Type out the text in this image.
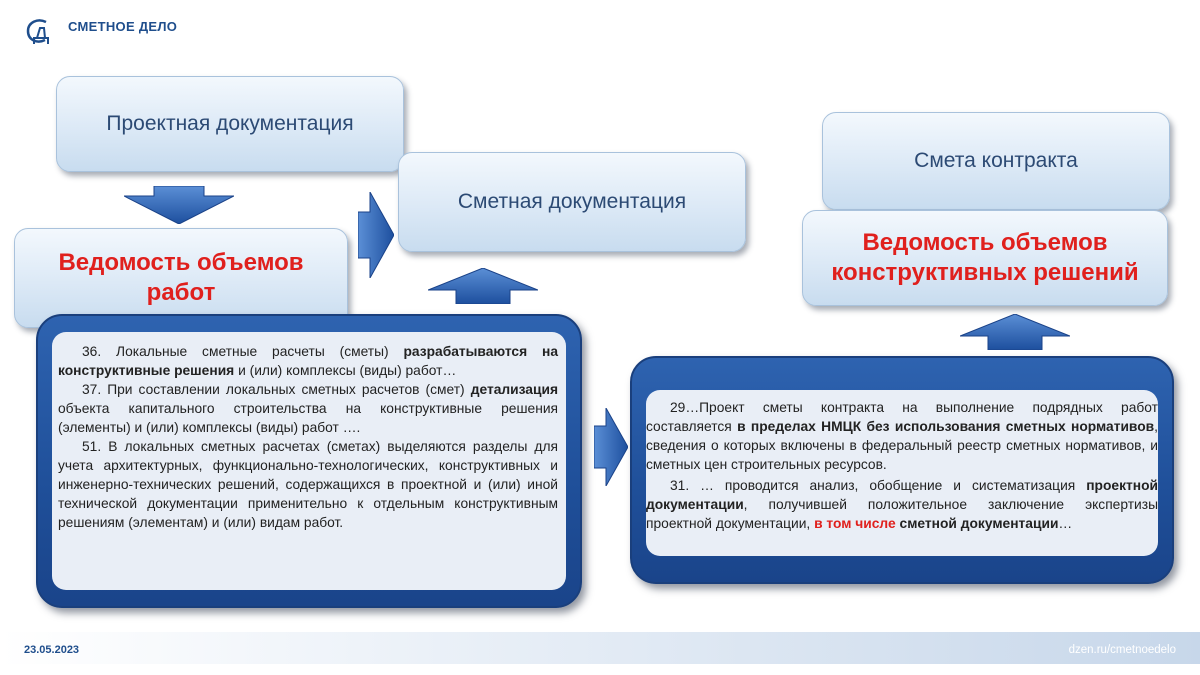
СМЕТНОЕ ДЕЛО
Проектная документация
Ведомость объемов
работ
Сметная документация

36. Локальные сметные расчеты (сметы) разрабатываются на конструктивные решения и (или) комплексы (виды) работ…

37. При составлении локальных сметных расчетов (смет) детализация объекта капитального строительства на конструктивные решения (элементы) и (или) комплексы (виды) работ ….

51. В локальных сметных расчетах (сметах) выделяются разделы для учета архитектурных, функционально-технологических, конструктивных и инженерно-технических решений, содержащихся в проектной и (или) иной технической документации применительно к отдельным конструктивным решениям (элементам) и (или) видам работ.

Смета контракта
Ведомость объемов
конструктивных решений

29…Проект сметы контракта на выполнение подрядных работ составляется в пределах НМЦК без использования сметных нормативов, сведения о которых включены в федеральный реестр сметных нормативов, и сметных цен строительных ресурсов.

31. … проводится анализ, обобщение и систематизация проектной документации, получившей положительное заключение экспертизы проектной документации, в том числе сметной документации…

23.05.2023	dzen.ru/cmetnoedelo
